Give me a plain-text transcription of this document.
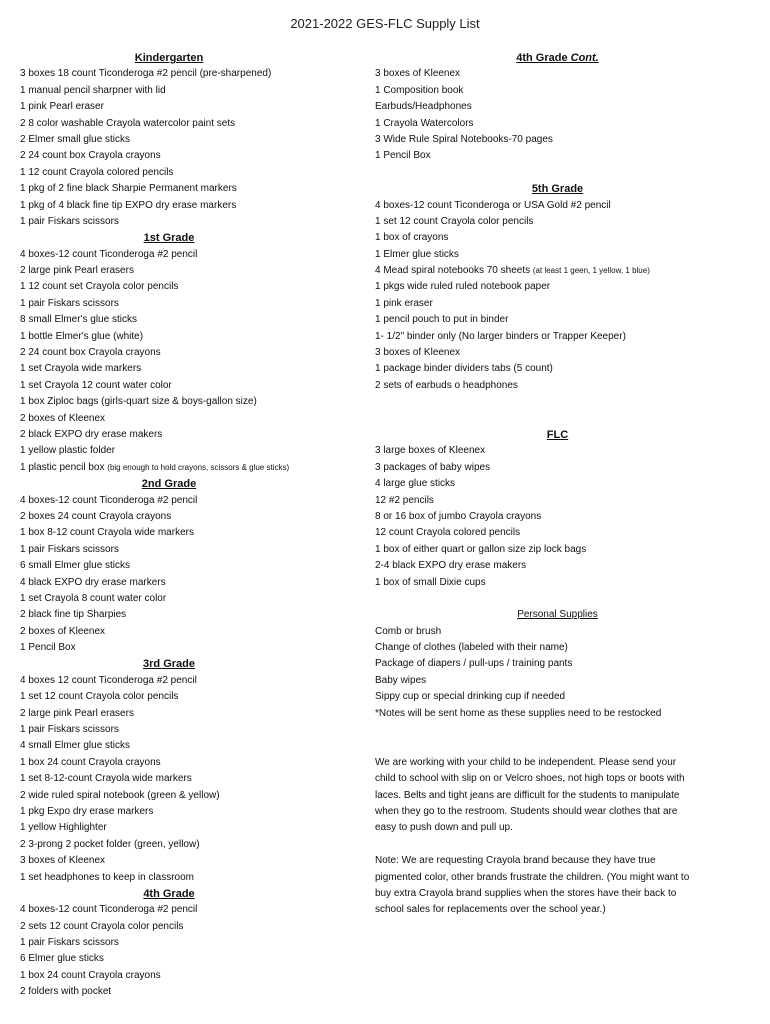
2021-2022 GES-FLC Supply List
Kindergarten
3 boxes 18 count Ticonderoga #2 pencil (pre-sharpened)
1 manual pencil sharpner with lid
1 pink Pearl eraser
2 8 color washable Crayola watercolor paint sets
2 Elmer small glue sticks
2 24 count box Crayola crayons
1 12 count Crayola colored pencils
1 pkg of 2 fine black Sharpie Permanent markers
1 pkg of 4 black fine tip EXPO dry erase markers
1 pair Fiskars scissors
1st Grade
4 boxes-12 count Ticonderoga #2 pencil
2 large pink Pearl erasers
1 12 count set Crayola color pencils
1 pair Fiskars scissors
8 small Elmer's glue sticks
1 bottle Elmer's glue (white)
2 24 count box Crayola crayons
1 set Crayola wide markers
1 set Crayola 12 count water color
1 box Ziploc bags (girls-quart size & boys-gallon size)
2 boxes of Kleenex
2 black EXPO dry erase makers
1 yellow plastic folder
1 plastic pencil box (big enough to hold crayons, scissors & glue sticks)
2nd Grade
4 boxes-12 count Ticonderoga #2 pencil
2 boxes 24 count Crayola crayons
1 box 8-12 count Crayola wide markers
1 pair Fiskars scissors
6 small Elmer glue sticks
4 black EXPO dry erase markers
1 set Crayola 8 count water color
2 black fine tip Sharpies
2 boxes of Kleenex
1 Pencil Box
3rd Grade
4 boxes 12 count Ticonderoga #2 pencil
1 set 12 count Crayola color pencils
2 large pink Pearl erasers
1 pair Fiskars scissors
4 small Elmer glue sticks
1 box 24 count Crayola crayons
1 set 8-12-count Crayola wide markers
2 wide ruled spiral notebook (green & yellow)
1 pkg Expo dry erase markers
1 yellow Highlighter
2 3-prong 2 pocket folder (green, yellow)
3 boxes of Kleenex
1 set headphones to keep in classroom
4th Grade
4 boxes-12 count Ticonderoga #2 pencil
2 sets 12 count Crayola color pencils
1 pair Fiskars scissors
6 Elmer glue sticks
1 box 24 count Crayola crayons
2 folders with pocket
4th Grade Cont.
3 boxes of Kleenex
1 Composition book
Earbuds/Headphones
1 Crayola Watercolors
3 Wide Rule Spiral Notebooks-70 pages
1 Pencil Box
5th Grade
4 boxes-12 count Ticonderoga or USA Gold #2 pencil
1 set 12 count Crayola color pencils
1 box of crayons
1 Elmer glue sticks
4 Mead spiral notebooks 70 sheets (at least 1 geen, 1 yellow, 1 blue)
1 pkgs wide ruled ruled notebook paper
1 pink eraser
1 pencil pouch to put in binder
1- 1/2" binder only (No larger binders or Trapper Keeper)
3 boxes of Kleenex
1 package binder dividers tabs (5 count)
2 sets of earbuds o headphones
FLC
3 large boxes of Kleenex
3 packages of baby wipes
4 large glue sticks
12 #2 pencils
8 or 16 box of jumbo Crayola crayons
12 count Crayola colored pencils
1 box of either quart or gallon size zip lock bags
2-4 black EXPO dry erase makers
1 box of small Dixie cups
Personal Supplies
Comb or brush
Change of clothes (labeled with their name)
Package of diapers / pull-ups / training pants
Baby wipes
Sippy cup or special drinking cup if needed
*Notes will be sent home as these supplies need to be restocked
We are working with your child to be independent. Please send your child to school with slip on or Velcro shoes, not high tops or boots with laces. Belts and tight jeans are difficult for the students to manipulate when they go to the restroom. Students should wear clothes that are easy to push down and pull up.
Note: We are requesting Crayola brand because they have true pigmented color, other brands frustrate the children. (You might want to buy extra Crayola brand supplies when the stores have their back to school sales for replacements over the school year.)
